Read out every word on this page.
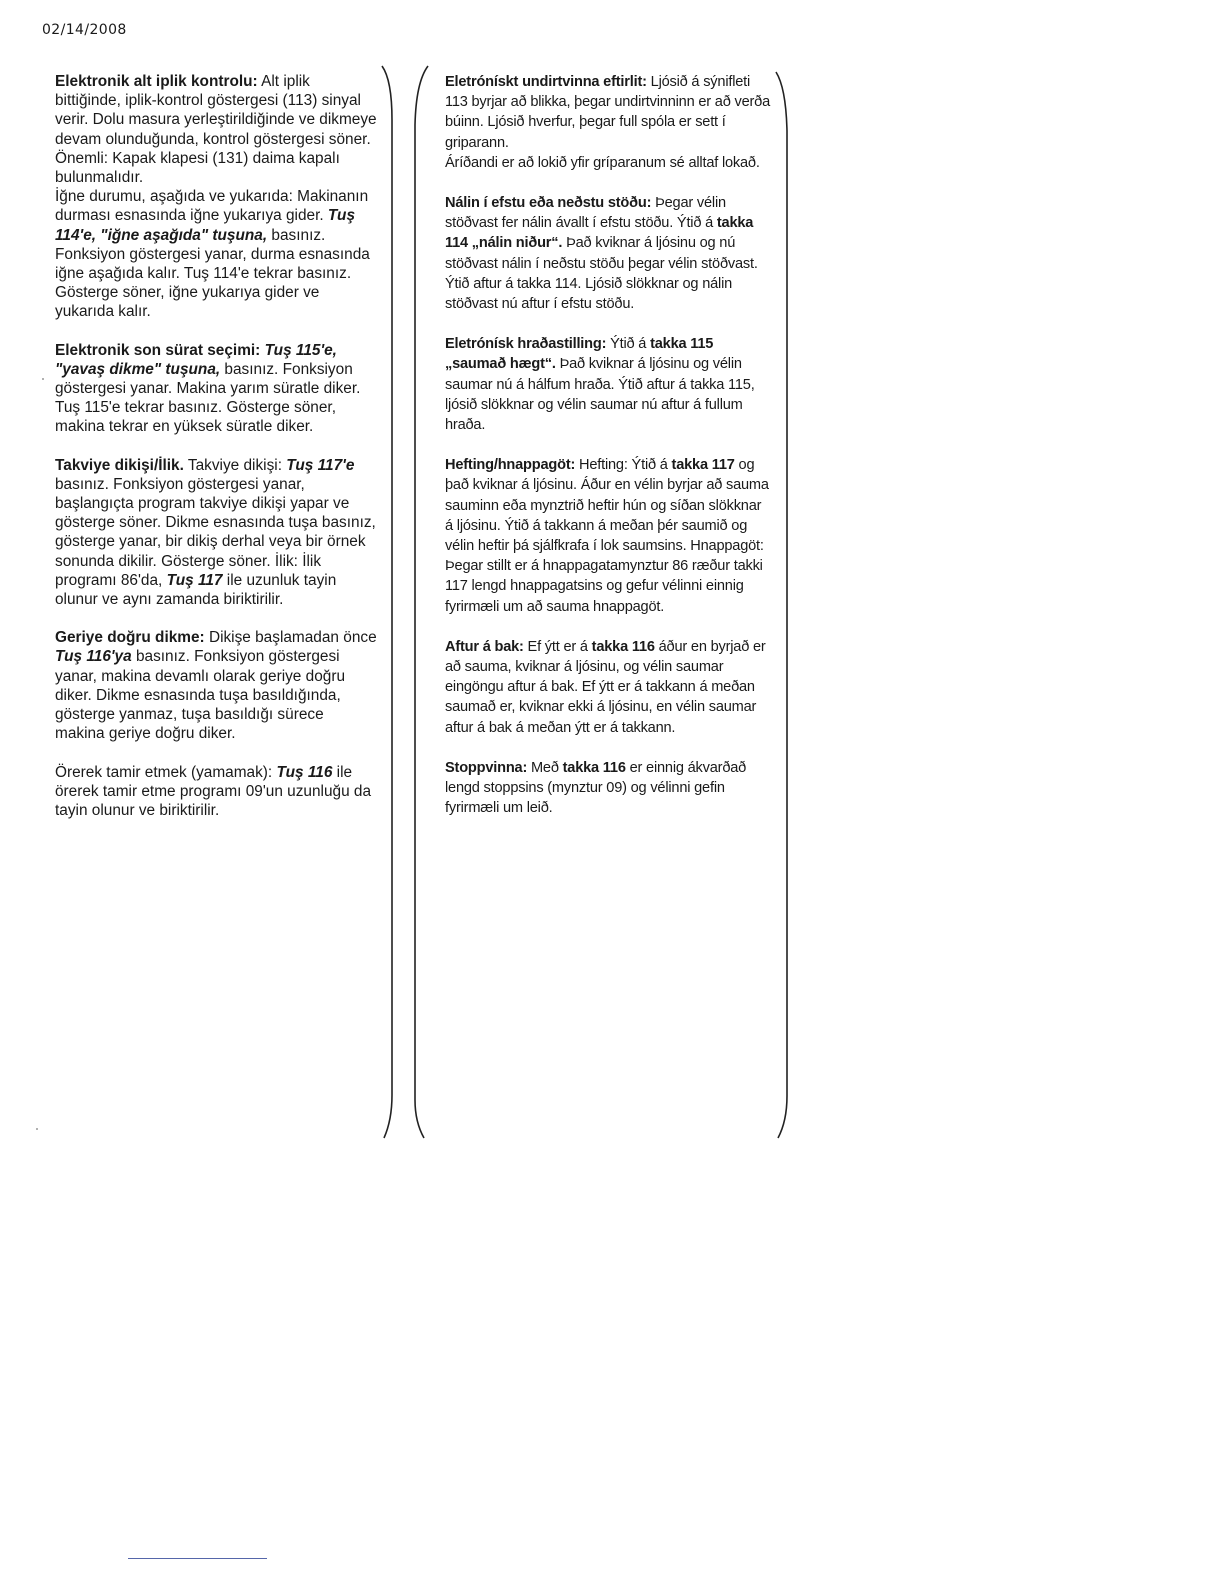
02/14/2008

Elektronik alt iplik kontrolu: Alt iplik bittiğinde, iplik-kontrol göstergesi (113) sinyal verir. Dolu masura yerleştirildiğinde ve dikmeye devam olunduğunda, kontrol göstergesi söner.
Önemli: Kapak klapesi (131) daima kapalı bulunmalıdır.
İğne durumu, aşağıda ve yukarıda: Makinanın durması esnasında iğne yukarıya gider. Tuş 114'e, "iğne aşağıda" tuşuna, basınız. Fonksiyon göstergesi yanar, durma esnasında iğne aşağıda kalır. Tuş 114'e tekrar basınız. Gösterge söner, iğne yukarıya gider ve yukarıda kalır.

Elektronik son sürat seçimi: Tuş 115'e, "yavaş dikme" tuşuna, basınız. Fonksiyon göstergesi yanar. Makina yarım süratle diker.
Tuş 115'e tekrar basınız. Gösterge söner, makina tekrar en yüksek süratle diker.

Takviye dikişi/İlik. Takviye dikişi: Tuş 117'e basınız. Fonksiyon göstergesi yanar, başlangıçta program takviye dikişi yapar ve gösterge söner. Dikme esnasında tuşa basınız, gösterge yanar, bir dikiş derhal veya bir örnek sonunda dikilir. Gösterge söner. İlik: İlik programı 86'da, Tuş 117 ile uzunluk tayin olunur ve aynı zamanda biriktirilir.

Geriye doğru dikme: Dikişe başlamadan önce Tuş 116'ya basınız. Fonksiyon göstergesi yanar, makina devamlı olarak geriye doğru diker. Dikme esnasında tuşa basıldığında, gösterge yanmaz, tuşa basıldığı sürece makina geriye doğru diker.

Örerek tamir etmek (yamamak): Tuş 116 ile örerek tamir etme programı 09'un uzunluğu da tayin olunur ve biriktirilir.

Eletrónískt undirtvinna eftirlit: Ljósið á sýnifleti 113 byrjar að blikka, þegar undirtvinninn er að verða búinn. Ljósið hverfur, þegar full spóla er sett í griparann.
Áríðandi er að lokið yfir gríparanum sé alltaf lokað.

Nálin í efstu eða neðstu stöðu: Þegar vélin stöðvast fer nálin ávallt í efstu stöðu. Ýtið á takka 114 „nálin niður“. Það kviknar á ljósinu og nú stöðvast nálin í neðstu stöðu þegar vélin stöðvast. Ýtið aftur á takka 114. Ljósið slökknar og nálin stöðvast nú aftur í efstu stöðu.

Eletrónísk hraðastilling: Ýtið á takka 115 „saumað hægt“. Það kviknar á ljósinu og vélin saumar nú á hálfum hraða. Ýtið aftur á takka 115, ljósið slökknar og vélin saumar nú aftur á fullum hraða.

Hefting/hnappagöt: Hefting: Ýtið á takka 117 og það kviknar á ljósinu. Áður en vélin byrjar að sauma sauminn eða mynztrið heftir hún og síðan slökknar á ljósinu. Ýtið á takkann á meðan þér saumið og vélin heftir þá sjálfkrafa í lok saumsins. Hnappagöt: Þegar stillt er á hnappagatamynztur 86 ræður takki 117 lengd hnappagatsins og gefur vélinni einnig fyrirmæli um að sauma hnappagöt.

Aftur á bak: Ef ýtt er á takka 116 áður en byrjað er að sauma, kviknar á ljósinu, og vélin saumar eingöngu aftur á bak. Ef ýtt er á takkann á meðan saumað er, kviknar ekki á ljósinu, en vélin saumar aftur á bak á meðan ýtt er á takkann.

Stoppvinna: Með takka 116 er einnig ákvarðað lengd stoppsins (mynztur 09) og vélinni gefin fyrirmæli um leið.
